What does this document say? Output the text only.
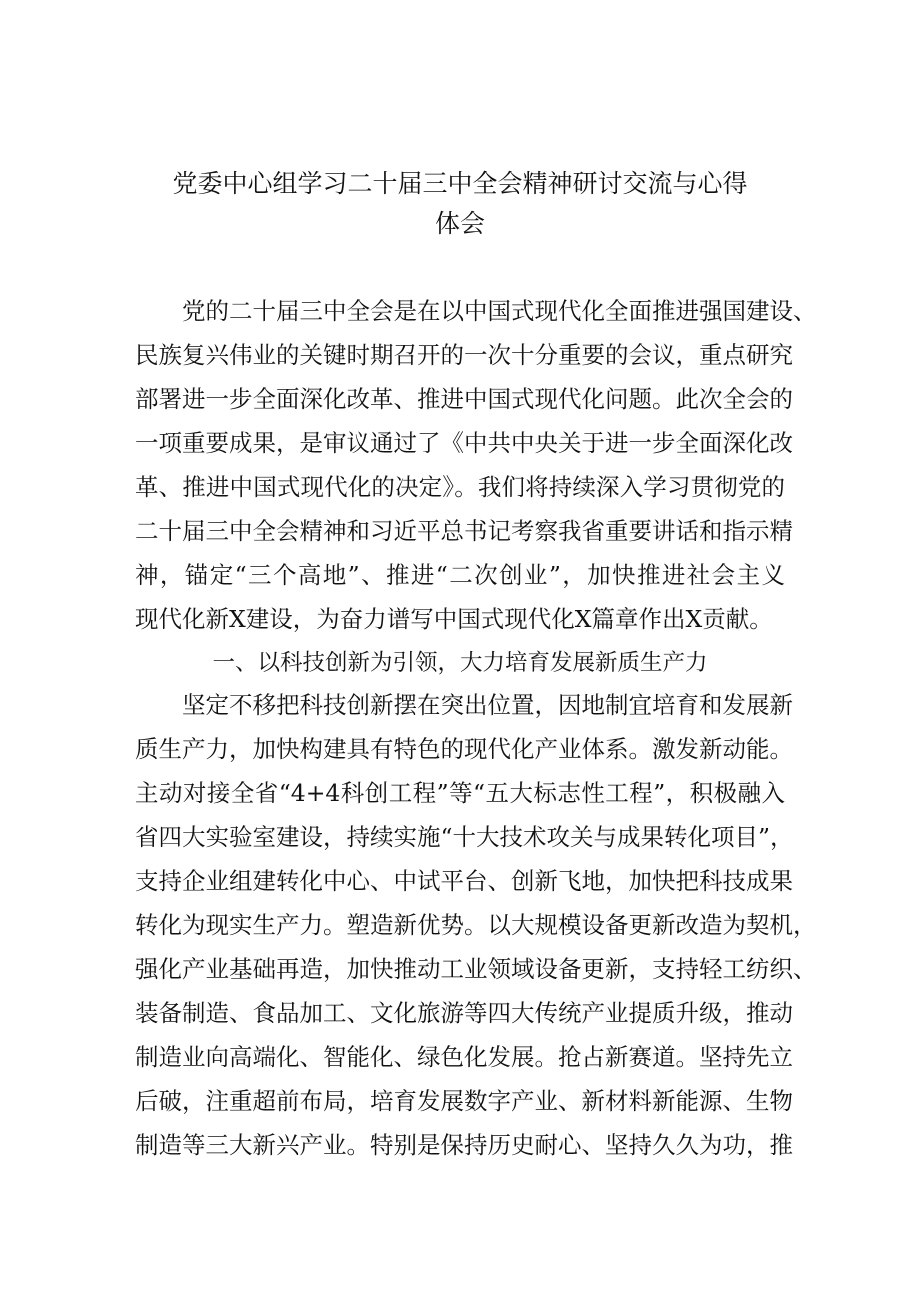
党委中心组学习二十届三中全会精神研讨交流与心得
体会
党的二十届三中全会是在以中国式现代化全面推进强国建设、
民族复兴伟业的关键时期召开的一次十分重要的会议，重点研究
部署进一步全面深化改革、推进中国式现代化问题。此次全会的
一项重要成果，是审议通过了《中共中央关于进一步全面深化改
革、推进中国式现代化的决定》。我们将持续深入学习贯彻党的
二十届三中全会精神和习近平总书记考察我省重要讲话和指示精
神，锚定“三个高地”、推进“二次创业”，加快推进社会主义
现代化新X建设，为奋力谱写中国式现代化X篇章作出X贡献。
一、以科技创新为引领，大力培育发展新质生产力
坚定不移把科技创新摆在突出位置，因地制宜培育和发展新
质生产力，加快构建具有特色的现代化产业体系。激发新动能。
主动对接全省“4+4科创工程”等“五大标志性工程”，积极融入
省四大实验室建设，持续实施“十大技术攻关与成果转化项目”，
支持企业组建转化中心、中试平台、创新飞地，加快把科技成果
转化为现实生产力。塑造新优势。以大规模设备更新改造为契机，
强化产业基础再造，加快推动工业领域设备更新，支持轻工纺织、
装备制造、食品加工、文化旅游等四大传统产业提质升级，推动
制造业向高端化、智能化、绿色化发展。抢占新赛道。坚持先立
后破，注重超前布局，培育发展数字产业、新材料新能源、生物
制造等三大新兴产业。特别是保持历史耐心、坚持久久为功，推
